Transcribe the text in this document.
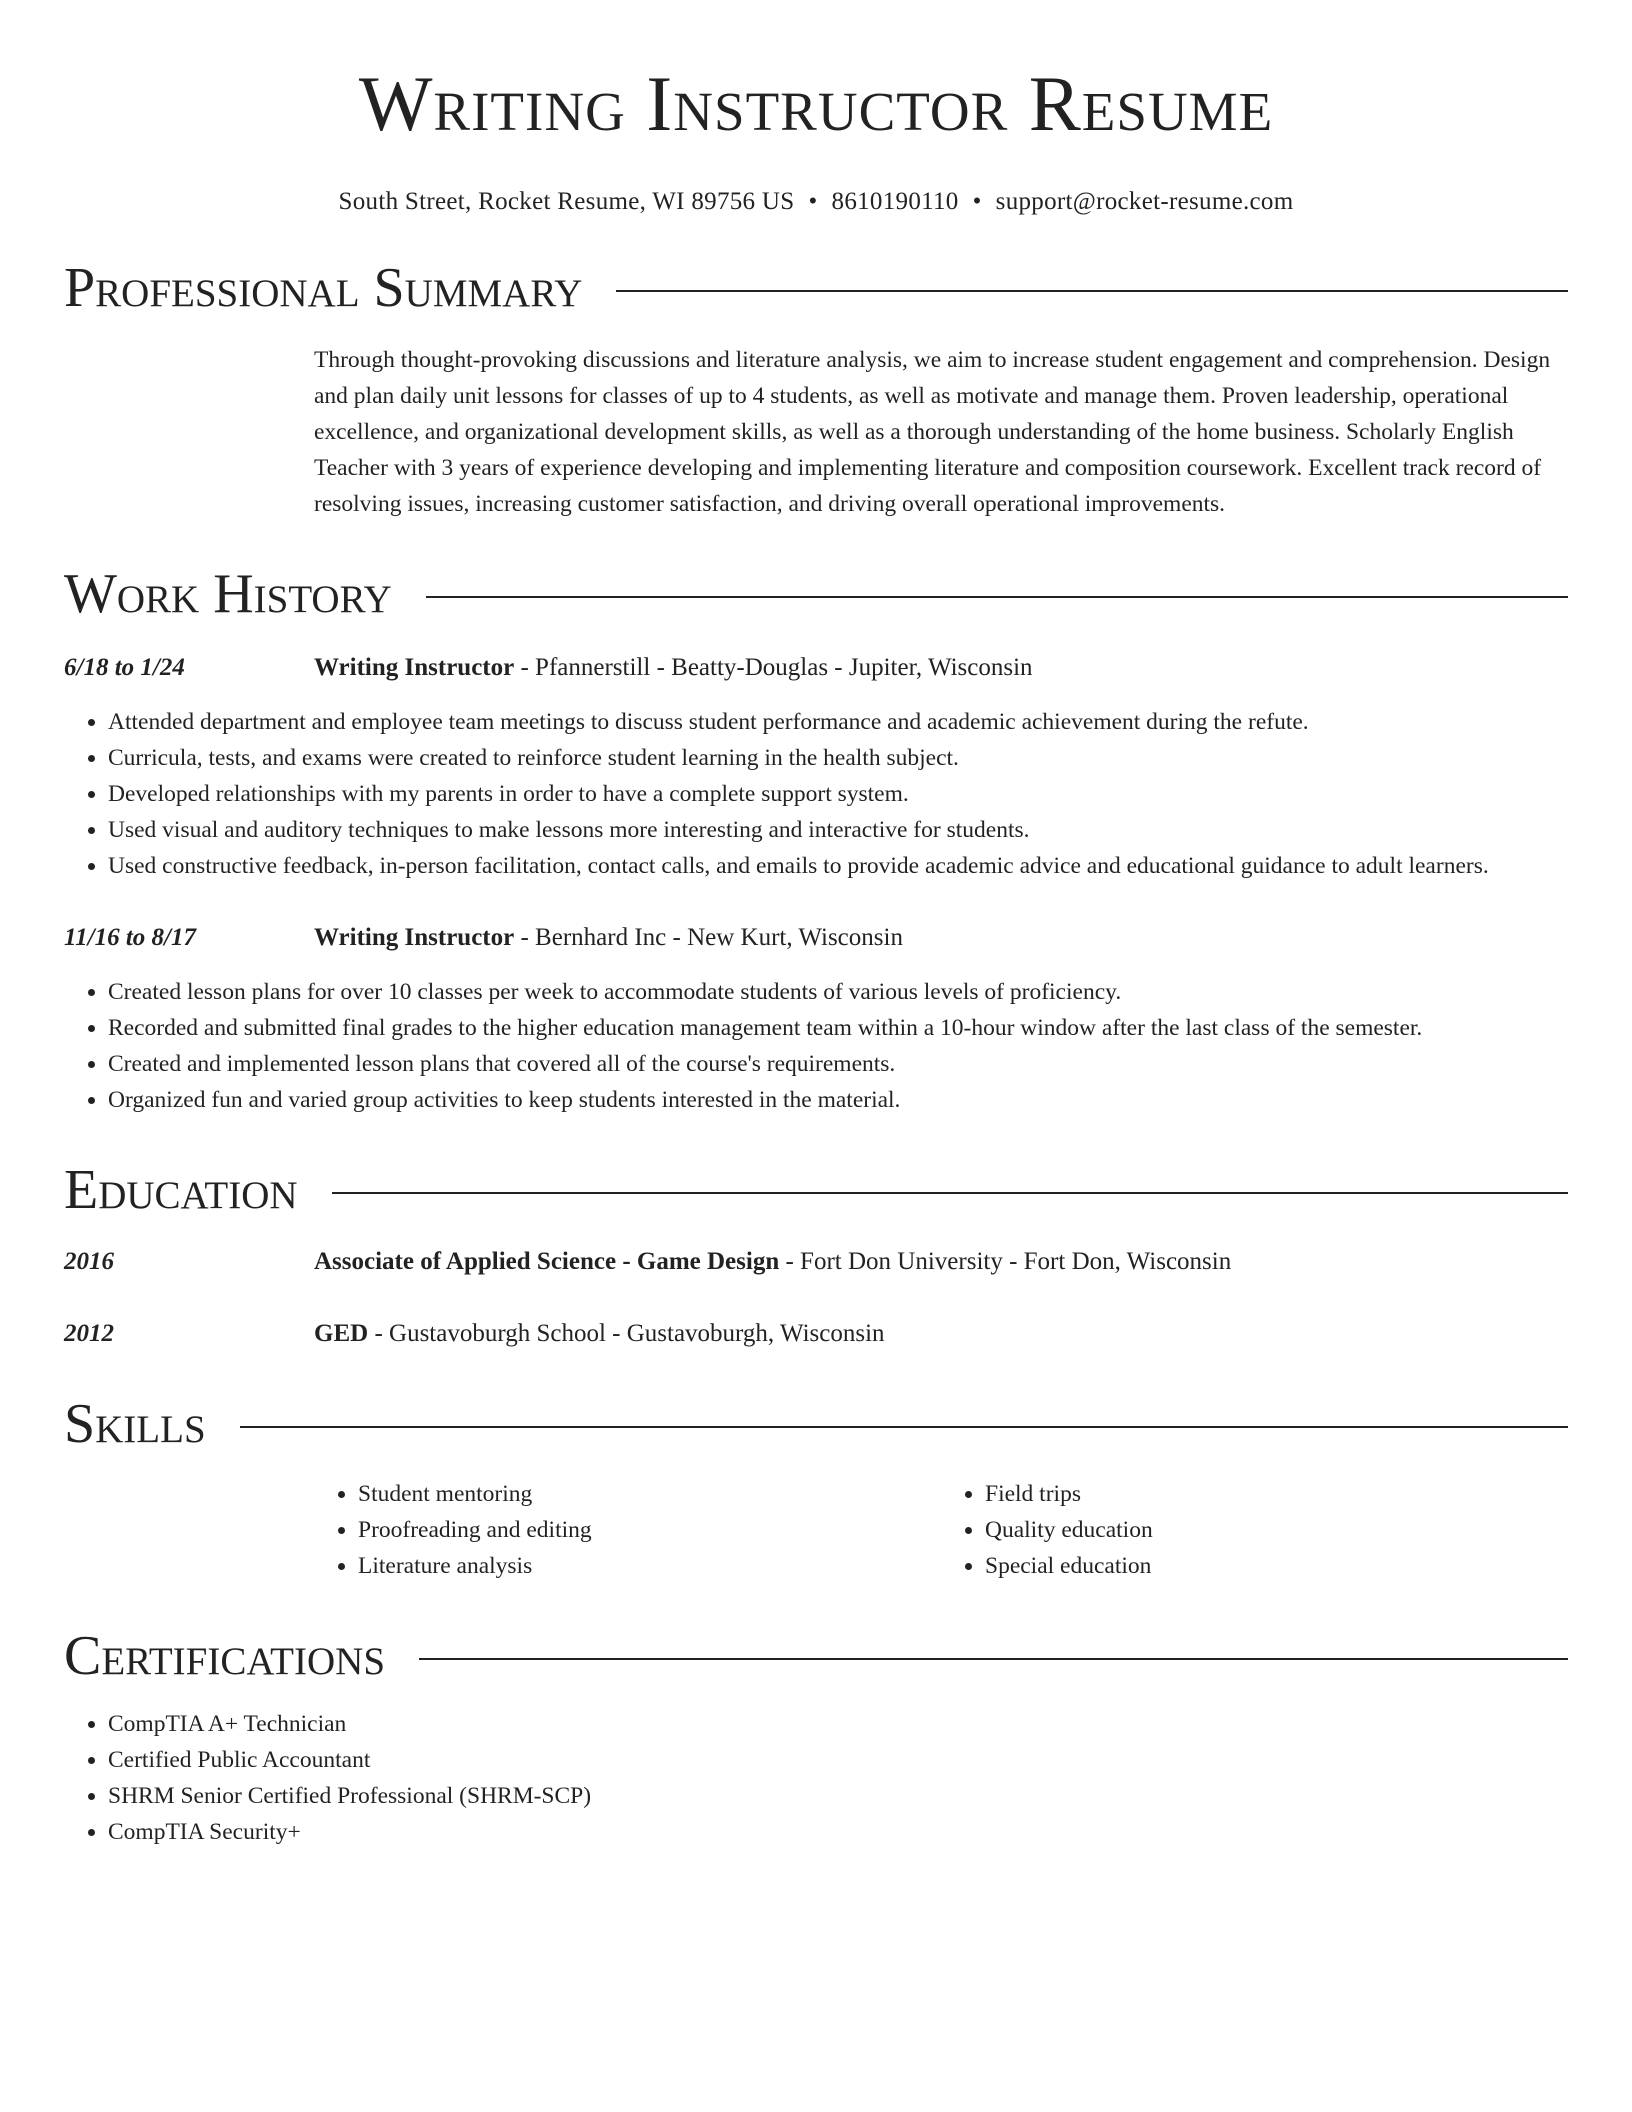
Writing Instructor Resume
South Street, Rocket Resume, WI 89756 US • 8610190110 • support@rocket-resume.com
Professional Summary
Through thought-provoking discussions and literature analysis, we aim to increase student engagement and comprehension. Design and plan daily unit lessons for classes of up to 4 students, as well as motivate and manage them. Proven leadership, operational excellence, and organizational development skills, as well as a thorough understanding of the home business. Scholarly English Teacher with 3 years of experience developing and implementing literature and composition coursework. Excellent track record of resolving issues, increasing customer satisfaction, and driving overall operational improvements.
Work History
6/18 to 1/24	Writing Instructor - Pfannerstill - Beatty-Douglas - Jupiter, Wisconsin
• Attended department and employee team meetings to discuss student performance and academic achievement during the refute.
• Curricula, tests, and exams were created to reinforce student learning in the health subject.
• Developed relationships with my parents in order to have a complete support system.
• Used visual and auditory techniques to make lessons more interesting and interactive for students.
• Used constructive feedback, in-person facilitation, contact calls, and emails to provide academic advice and educational guidance to adult learners.
11/16 to 8/17	Writing Instructor - Bernhard Inc - New Kurt, Wisconsin
• Created lesson plans for over 10 classes per week to accommodate students of various levels of proficiency.
• Recorded and submitted final grades to the higher education management team within a 10-hour window after the last class of the semester.
• Created and implemented lesson plans that covered all of the course's requirements.
• Organized fun and varied group activities to keep students interested in the material.
Education
2016	Associate of Applied Science - Game Design - Fort Don University - Fort Don, Wisconsin
2012	GED - Gustavoburgh School - Gustavoburgh, Wisconsin
Skills
• Student mentoring
• Proofreading and editing
• Literature analysis
• Field trips
• Quality education
• Special education
Certifications
• CompTIA A+ Technician
• Certified Public Accountant
• SHRM Senior Certified Professional (SHRM-SCP)
• CompTIA Security+
